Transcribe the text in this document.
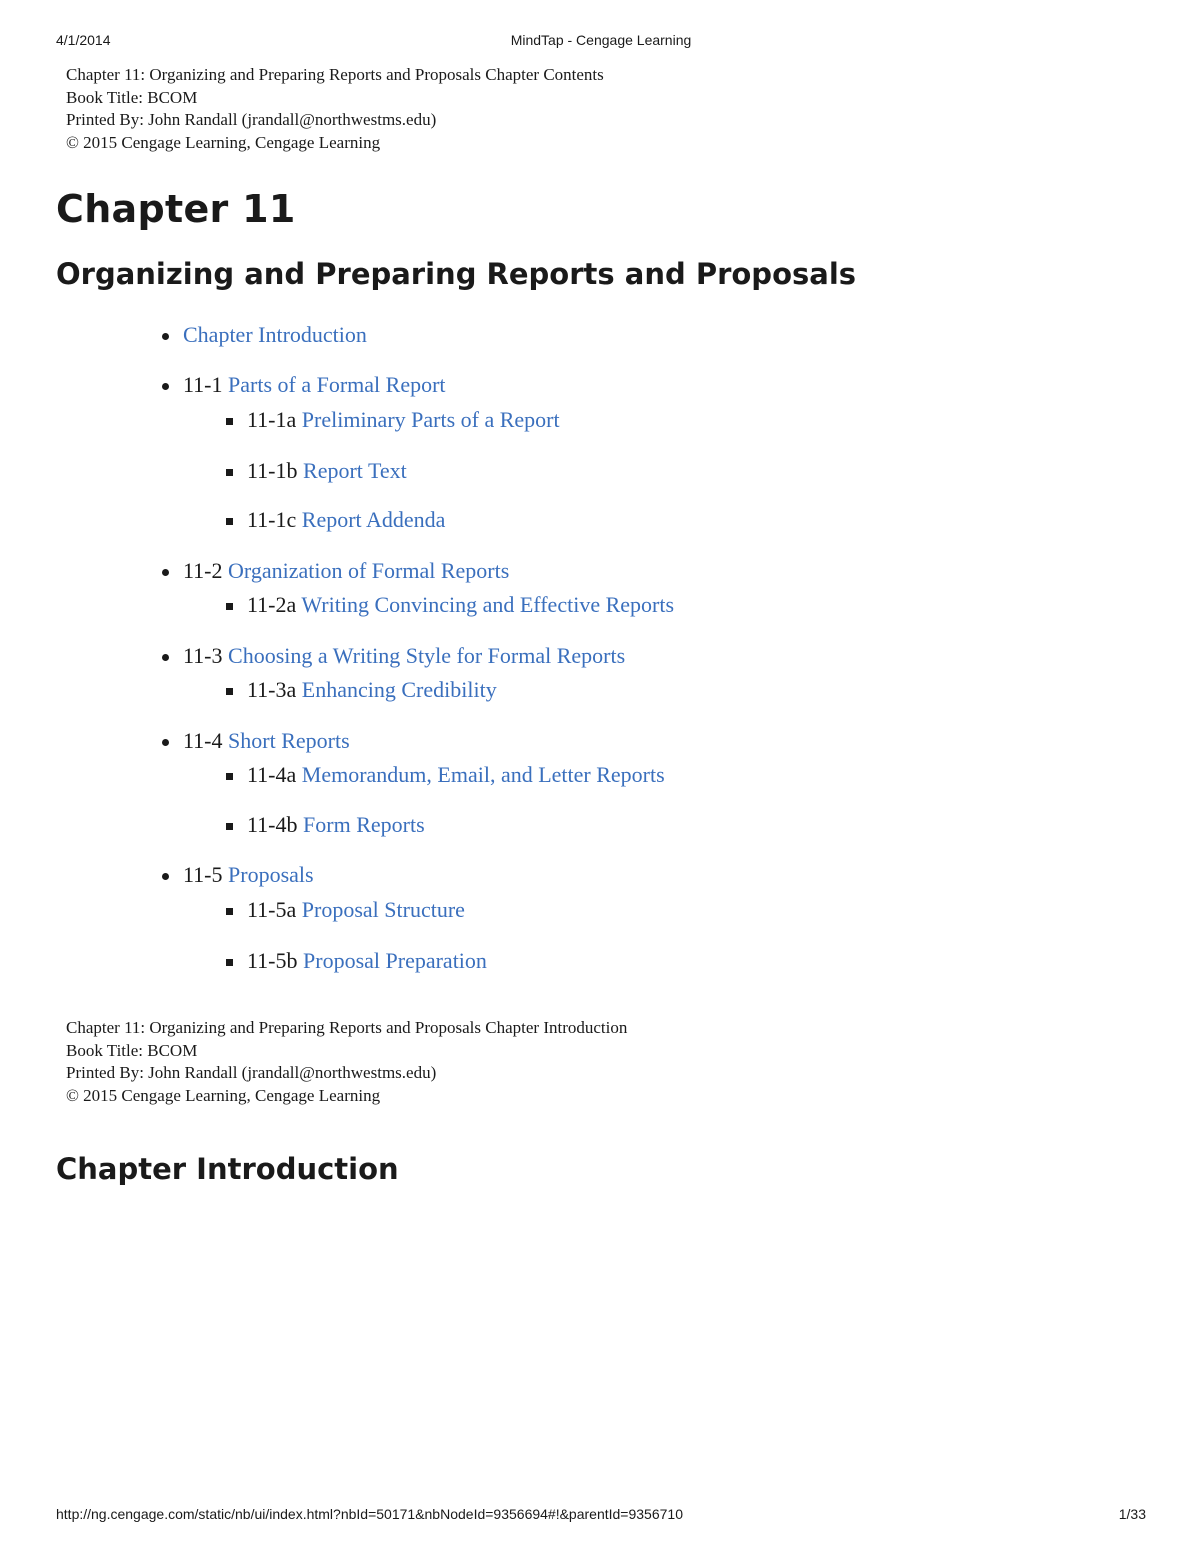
4/1/2014	MindTap - Cengage Learning
Chapter 11: Organizing and Preparing Reports and Proposals Chapter Contents
Book Title: BCOM
Printed By: John Randall (jrandall@northwestms.edu)
© 2015 Cengage Learning, Cengage Learning
Chapter 11
Organizing and Preparing Reports and Proposals
Chapter Introduction
11-1 Parts of a Formal Report
11-1a Preliminary Parts of a Report
11-1b Report Text
11-1c Report Addenda
11-2 Organization of Formal Reports
11-2a Writing Convincing and Effective Reports
11-3 Choosing a Writing Style for Formal Reports
11-3a Enhancing Credibility
11-4 Short Reports
11-4a Memorandum, Email, and Letter Reports
11-4b Form Reports
11-5 Proposals
11-5a Proposal Structure
11-5b Proposal Preparation
Chapter 11: Organizing and Preparing Reports and Proposals Chapter Introduction
Book Title: BCOM
Printed By: John Randall (jrandall@northwestms.edu)
© 2015 Cengage Learning, Cengage Learning
Chapter Introduction
http://ng.cengage.com/static/nb/ui/index.html?nbId=50171&nbNodeId=9356694#!&parentId=9356710	1/33
